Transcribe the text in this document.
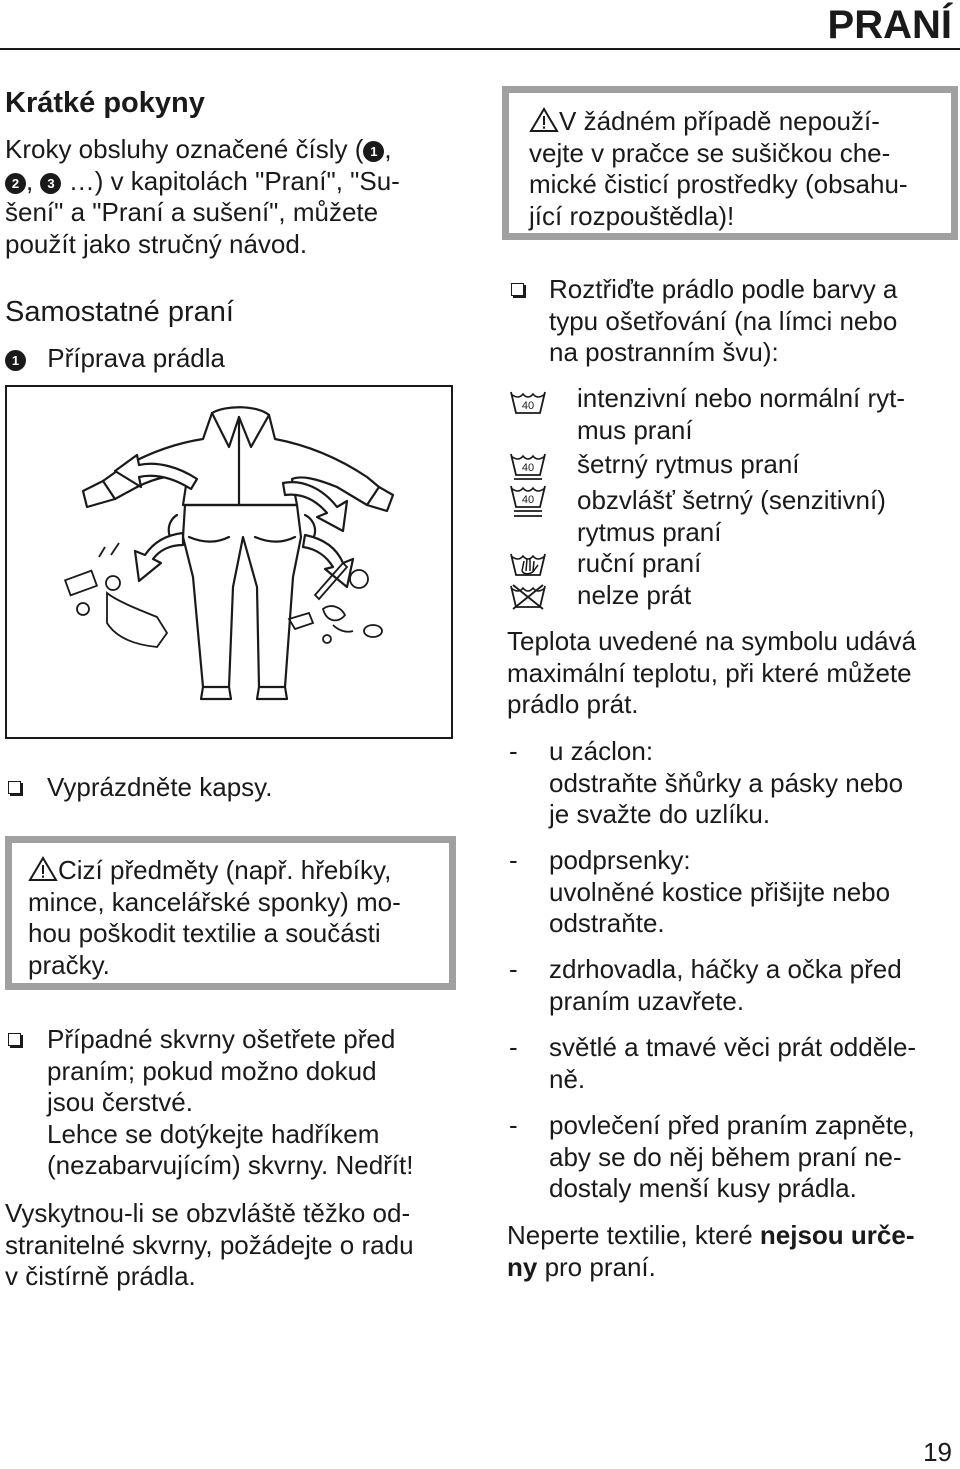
PRANÍ
Krátké pokyny
Kroky obsluhy označené čísly ( 1 ,
2 , 3 …) v kapitolách "Praní", "Su-
šení" a "Praní a sušení", můžete
použít jako stručný návod.
Samostatné praní
1 Příprava prádla
Vyprázdněte kapsy.
Cizí předměty (např. hřebíky,
mince, kancelářské sponky) mo-
hou poškodit textilie a součásti
pračky.
Případné skvrny ošetřete před
praním; pokud možno dokud
jsou čerstvé.
Lehce se dotýkejte hadříkem
(nezabarvujícím) skvrny. Nedřít!
Vyskytnou-li se obzvláště těžko od-
stranitelné skvrny, požádejte o radu
v čistírně prádla.
V žádném případě nepouží-
vejte v pračce se sušičkou che-
mické čisticí prostředky (obsahu-
jící rozpouštědla)!
Roztřiďte prádlo podle barvy a
typu ošetřování (na límci nebo
na postranním švu):
40 intenzivní nebo normální ryt-
mus praní
40 šetrný rytmus praní
40 obzvlášť šetrný (senzitivní)
rytmus praní
ruční praní
nelze prát
Teplota uvedené na symbolu udává
maximální teplotu, při které můžete
prádlo prát.
- u záclon:
odstraňte šňůrky a pásky nebo
je svažte do uzlíku.
- podprsenky:
uvolněné kostice přišijte nebo
odstraňte.
- zdrhovadla, háčky a očka před
praním uzavřete.
- světlé a tmavé věci prát odděle-
ně.
- povlečení před praním zapněte,
aby se do něj během praní ne-
dostaly menší kusy prádla.
Neperte textilie, které nejsou urče-
ny pro praní.
19
